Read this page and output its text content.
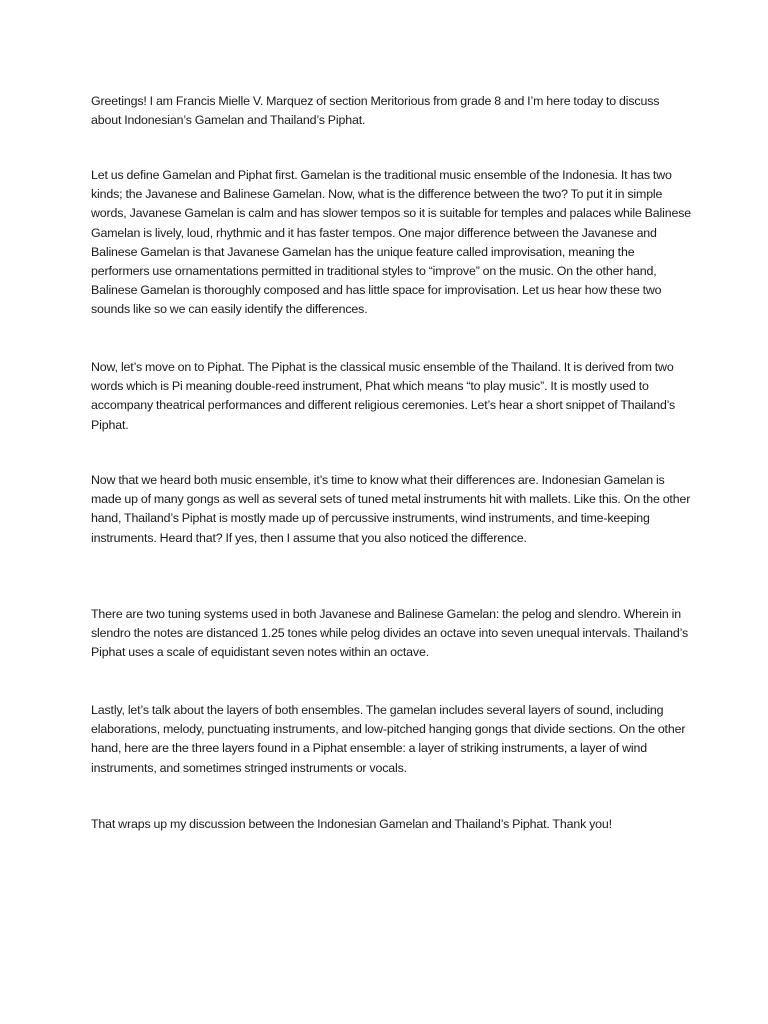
Greetings! I am Francis Mielle V. Marquez of section Meritorious from grade 8 and I’m here today to discuss about Indonesian’s Gamelan and Thailand’s Piphat.

Let us define Gamelan and Piphat first. Gamelan is the traditional music ensemble of the Indonesia. It has two kinds; the Javanese and Balinese Gamelan. Now, what is the difference between the two? To put it in simple words, Javanese Gamelan is calm and has slower tempos so it is suitable for temples and palaces while Balinese Gamelan is lively, loud, rhythmic and it has faster tempos. One major difference between the Javanese and Balinese Gamelan is that Javanese Gamelan has the unique feature called improvisation, meaning the performers use ornamentations permitted in traditional styles to “improve” on the music. On the other hand, Balinese Gamelan is thoroughly composed and has little space for improvisation. Let us hear how these two sounds like so we can easily identify the differences.

Now, let’s move on to Piphat. The Piphat is the classical music ensemble of the Thailand. It is derived from two words which is Pi meaning double-reed instrument, Phat which means “to play music”. It is mostly used to accompany theatrical performances and different religious ceremonies. Let’s hear a short snippet of Thailand’s Piphat.

Now that we heard both music ensemble, it’s time to know what their differences are. Indonesian Gamelan is made up of many gongs as well as several sets of tuned metal instruments hit with mallets. Like this. On the other hand, Thailand’s Piphat is mostly made up of percussive instruments, wind instruments, and time-keeping instruments. Heard that? If yes, then I assume that you also noticed the difference.

There are two tuning systems used in both Javanese and Balinese Gamelan: the pelog and slendro. Wherein in slendro the notes are distanced 1.25 tones while pelog divides an octave into seven unequal intervals. Thailand’s Piphat uses a scale of equidistant seven notes within an octave.

Lastly, let’s talk about the layers of both ensembles. The gamelan includes several layers of sound, including elaborations, melody, punctuating instruments, and low-pitched hanging gongs that divide sections. On the other hand, here are the three layers found in a Piphat ensemble: a layer of striking instruments, a layer of wind instruments, and sometimes stringed instruments or vocals.

That wraps up my discussion between the Indonesian Gamelan and Thailand’s Piphat. Thank you!
